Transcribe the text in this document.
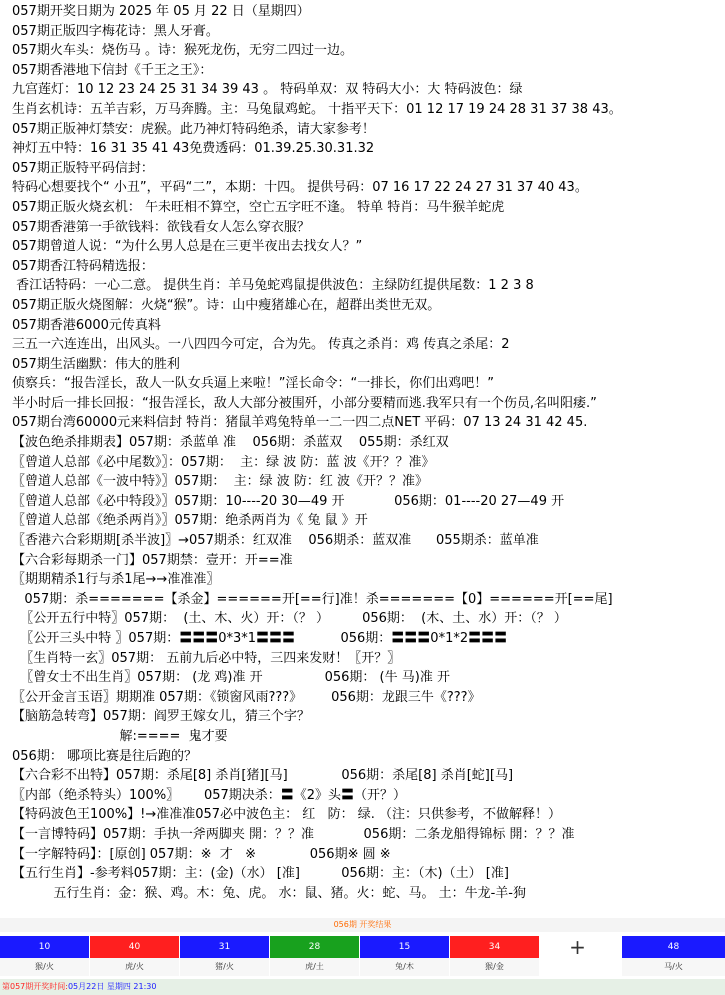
057期开奖日期为 2025 年 05 月 22 日（星期四）
057期正版四字梅花诗：黑人牙膏。
057期火车头：烧伤马 。诗：猴死龙伤，无穷二四过一边。
057期香港地下信封《千王之王》：
九宫莲灯：10 12 23 24 25 31 34 39 43 。 特码单双：双 特码大小：大 特码波色：绿
生肖玄机诗：五羊吉彩，万马奔腾。主：马兔鼠鸡蛇。 十指平天下：01 12 17 19 24 28 31 37 38 43。
057期正版神灯禁安：虎猴。此乃神灯特码绝杀，请大家参考！
神灯五中特：16 31 35 41 43免费透码：01.39.25.30.31.32
057期正版特平码信封：
特码心想要找个“ 小丑”，平码“二”，本期：十四。 提供号码：07 16 17 22 24 27 31 37 40 43。
057期正版火烧玄机： 午未旺相不算空，空亡五字旺不逢。 特单 特肖：马牛猴羊蛇虎
057期香港第一手欲钱料：欲钱看女人怎么穿衣服？
057期曾道人说：“为什么男人总是在三更半夜出去找女人？”
057期香江特码精选报：
香江话特码：一心二意。 提供生肖：羊马兔蛇鸡鼠提供波色：主绿防红提供尾数：1 2 3 8
057期正版火烧图解：火烧“猴”。诗：山中瘦猪雄心在，超群出类世无双。
057期香港6000元传真料
三五一六连连出，出风头。一八四四今可定，合为先。 传真之杀肖：鸡 传真之杀尾：2
057期生活幽默：伟大的胜利
侦察兵：“报告淫长，敌人一队女兵逼上来啦！”淫长命令：“一排长，你们出鸡吧！”
半小时后一排长回报：“报告淫长，敌人大部分被围歼，小部分要精而逃.我军只有一个伤员,名叫阳痿.”
057期台湾60000元来料信封 特肖：猪鼠羊鸡兔特单一二一四二点NET 平码：07 13 24 31 42 45.
【波色绝杀排期表】057期：杀蓝单 准    056期：杀蓝双    055期：杀红双
〖曾道人总部《必中尾数》〗：057期：  主：绿 波 防：蓝 波《开？？准》
〖曾道人总部《一波中特》〗057期：  主：绿 波 防：红 波《开？？准》
〖曾道人总部《必中特段》〗057期：10----20 30—49 开            056期：01----20 27—49 开
〖曾道人总部《绝杀两肖》〗057期：绝杀两肖为《 兔 鼠 》开
〖香港六合彩期期[杀半波]〗→057期杀：红双准    056期杀：蓝双准      055期杀：蓝单准
【六合彩每期杀一门】057期禁：壹开：开==准
〖期期精杀1行与杀1尾→→准准准〗
057期：杀=======【杀金】======开[==行]准！杀=======【0】======开[==尾]
〖公开五行中特〗057期：  (土、木、火）开：（？ ）        056期：  (木、土、水）开：（？ ）
〖公开三头中特 〗057期：〓〓〓0*3*1〓〓〓           056期：〓〓〓0*1*2〓〓〓
〖生肖特一玄〗057期： 五前九后必中特，三四来发财！〖开？〗
〖曾女士不出生肖〗057期： (龙 鸡)准 开               056期： (牛 马)准 开
〖公开金言玉语〗期期准 057期：《锁窗风雨???》       056期：龙跟三牛《???》
【脑筋急转弯】057期：阎罗王嫁女儿，猜三个字？
解:====  鬼才要
056期： 哪项比赛是往后跑的？
【六合彩不出特】057期：杀尾[8] 杀肖[猪][马]             056期：杀尾[8] 杀肖[蛇][马]
〖内部（绝杀特头）100%〗      057期决杀：〓《2》头〓（开？）
【特码波色王100%】!→准准准057必中波色主： 红   防： 绿. （注：只供参考，不做解释！）
【一言博特码】057期：手执一斧两脚夹 開：？？准            056期：二条龙船得锦标 開：？？准
【一字解特码】：[原创] 057期：※  才   ※             056期※ 圆 ※
【五行生肖】-参考料057期：主：(金)（水） [准]          056期：主：（木)（土） [准]
五行生肖：金：猴、鸡。木：兔、虎。 水：鼠、猪。火：蛇、马。 土：牛龙-羊-狗
056期 开奖结果
10	40	31	28	15	34	48
+
猴/火	虎/火	猪/火	虎/土	兔/木	猴/金	马/火
第057期开奖时间:05月22日 星期四 21:30
